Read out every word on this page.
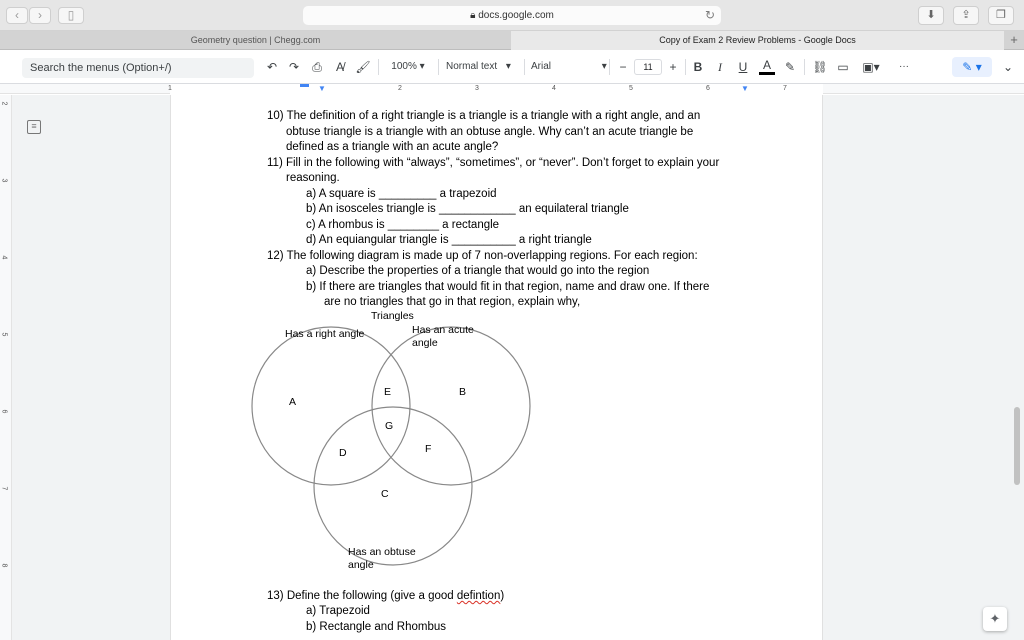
‹	›	▯	🔒︎ docs.google.com	↻	⬇	⇪	❐
Geometry question | Chegg.com	Copy of Exam 2 Review Problems - Google Docs	+
Search the menus (Option+/)	↶ ↷ ⎙	A̸ 🖌︎	100% ▾	Normal text ▾	Arial	▾	−	11	+	B	I	U	A	✎ ⛓︎ ▭	▣▾	···	✎ ▾	⌄
1	2	3	4	5	6	7
▼	▼
2
3
4
5
6
7
8
≡
10) The definition of a right triangle is a triangle is a triangle with a right angle, and an
obtuse triangle is a triangle with an obtuse angle. Why can’t an acute triangle be
defined as a triangle with an acute angle?
11) Fill in the following with “always”, “sometimes”, or “never”. Don’t forget to explain your
reasoning.
a) A square is _________ a trapezoid
b) An isosceles triangle is ____________ an equilateral triangle
c) A rhombus is ________ a rectangle
d) An equiangular triangle is __________ a right triangle
12) The following diagram is made up of 7 non-overlapping regions. For each region:
a) Describe the properties of a triangle that would go into the region
b) If there are triangles that would fit in that region, name and draw one. If there
are no triangles that go in that region, explain why,
Triangles
Has a right angle	Has an acute
angle
Has an obtuse
angle
A
B
C
D
E
F
G
13) Define the following (give a good defintion)
a) Trapezoid
b) Rectangle and Rhombus
✦
